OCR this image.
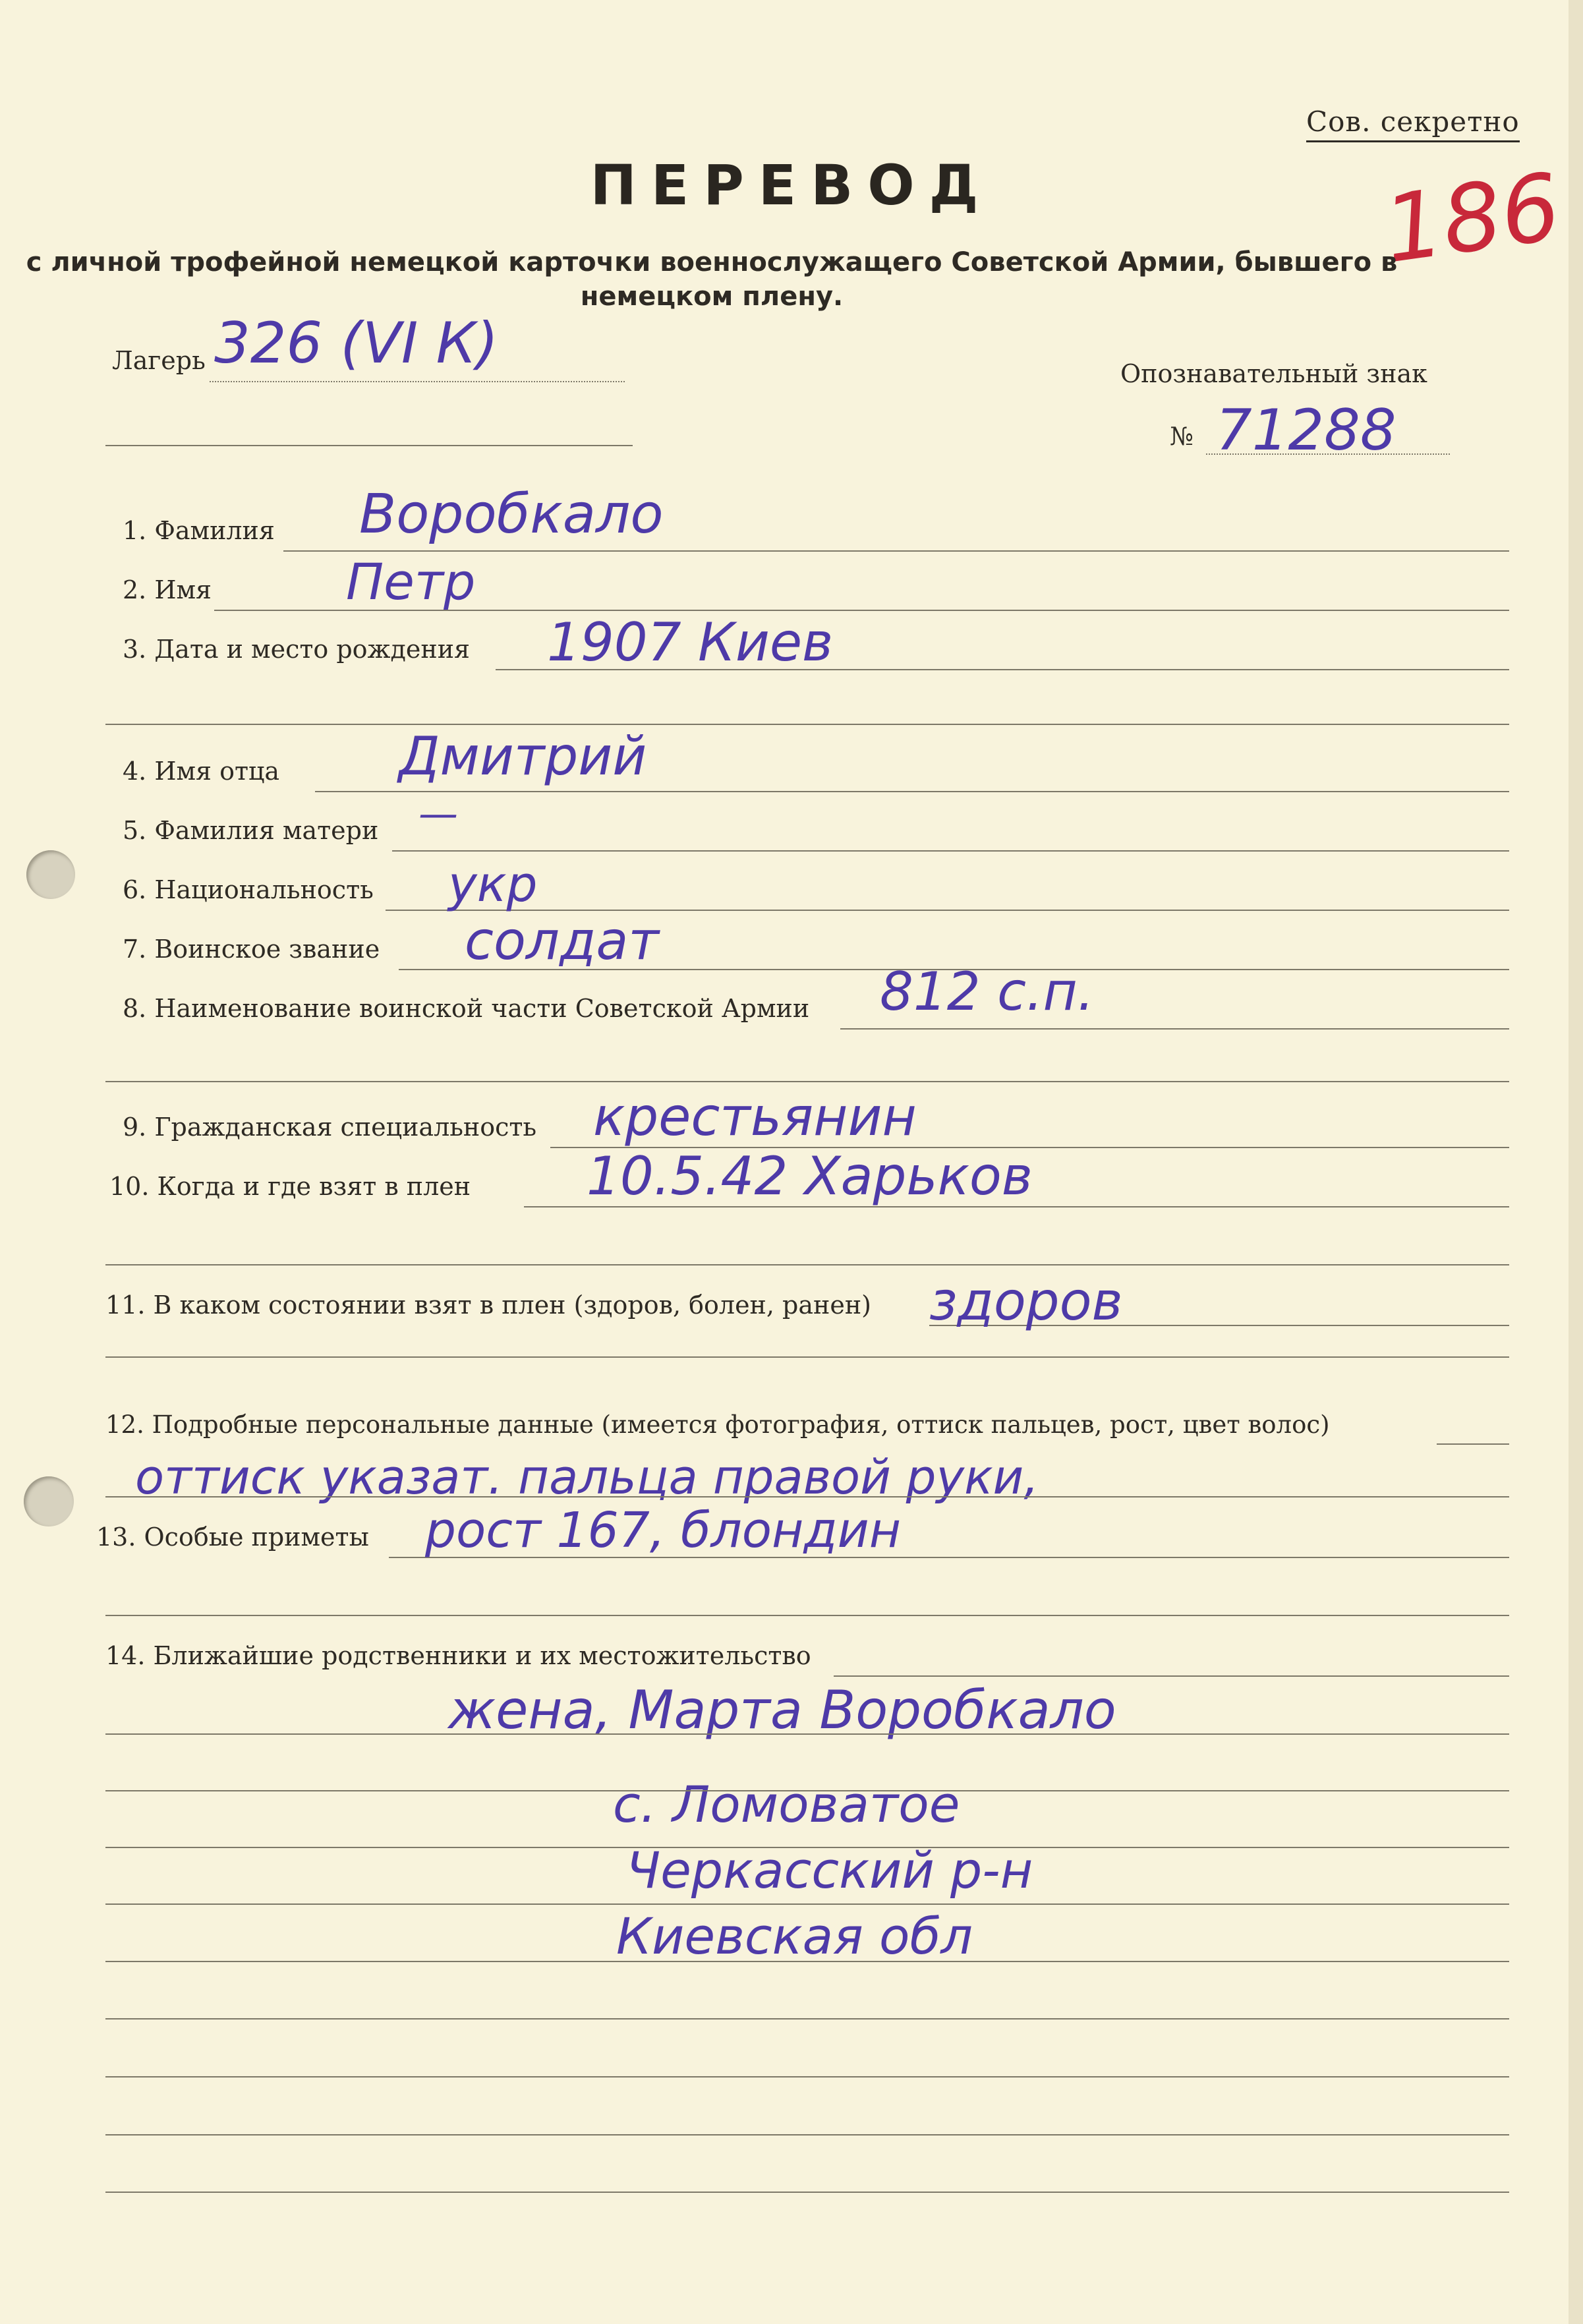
Сов. секретно
186
ПЕРЕВОД
с личной трофейной немецкой карточки военнослужащего Советской Армии, бывшего в немецком плену.
Лагерь 326 (VI К)	Опознавательный знак
№ 71288
1. Фамилия Воробкало
2. Имя	Петр
3. Дата и место рождения 1907 Киев
4. Имя отца Дмитрий
5. Фамилия матери —
6. Национальность укр
7. Воинское звание солдат
8. Наименование воинской части Советской Армии 812 с.п.
9. Гражданская специальность крестьянин
10. Когда и где взят в плен 10.5.42 Харьков
11. В каком состоянии взят в плен (здоров, болен, ранен) здоров
12. Подробные персональные данные (имеется фотография, оттиск пальцев, рост, цвет волос)
оттиск указат. пальца правой руки,
13. Особые приметы рост 167, блондин
14. Ближайшие родственники и их местожительство
жена, Марта Воробкало
с. Ломоватое
Черкасский р-н
Киевская обл
